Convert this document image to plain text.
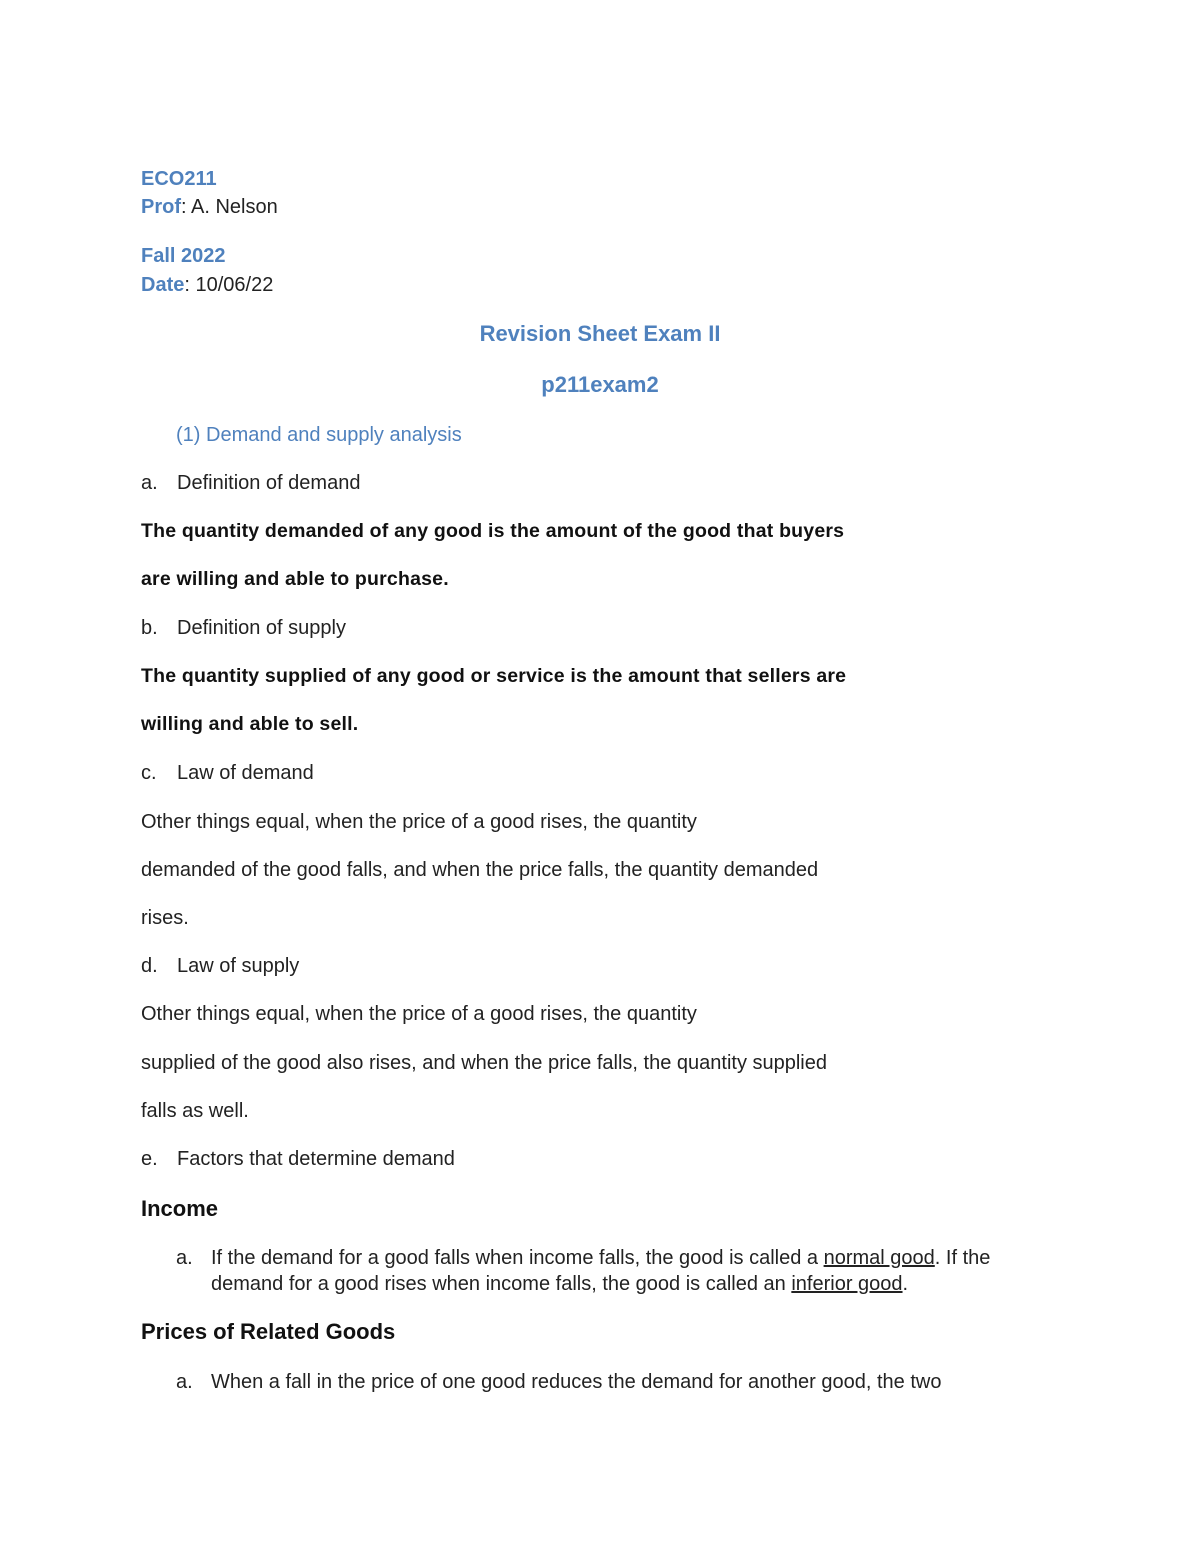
ECO211
Prof: A. Nelson
Fall 2022
Date: 10/06/22
Revision Sheet Exam II
p211exam2
(1) Demand and supply analysis
a. Definition of demand
The quantity demanded of any good is the amount of the good that buyers
are willing and able to purchase.
b. Definition of supply
The quantity supplied of any good or service is the amount that sellers are
willing and able to sell.
c. Law of demand
Other things equal, when the price of a good rises, the quantity
demanded of the good falls, and when the price falls, the quantity demanded
rises.
d. Law of supply
Other things equal, when the price of a good rises, the quantity
supplied of the good also rises, and when the price falls, the quantity supplied
falls as well.
e. Factors that determine demand
Income
a. If the demand for a good falls when income falls, the good is called a normal good. If the
demand for a good rises when income falls, the good is called an inferior good.
Prices of Related Goods
a. When a fall in the price of one good reduces the demand for another good, the two
